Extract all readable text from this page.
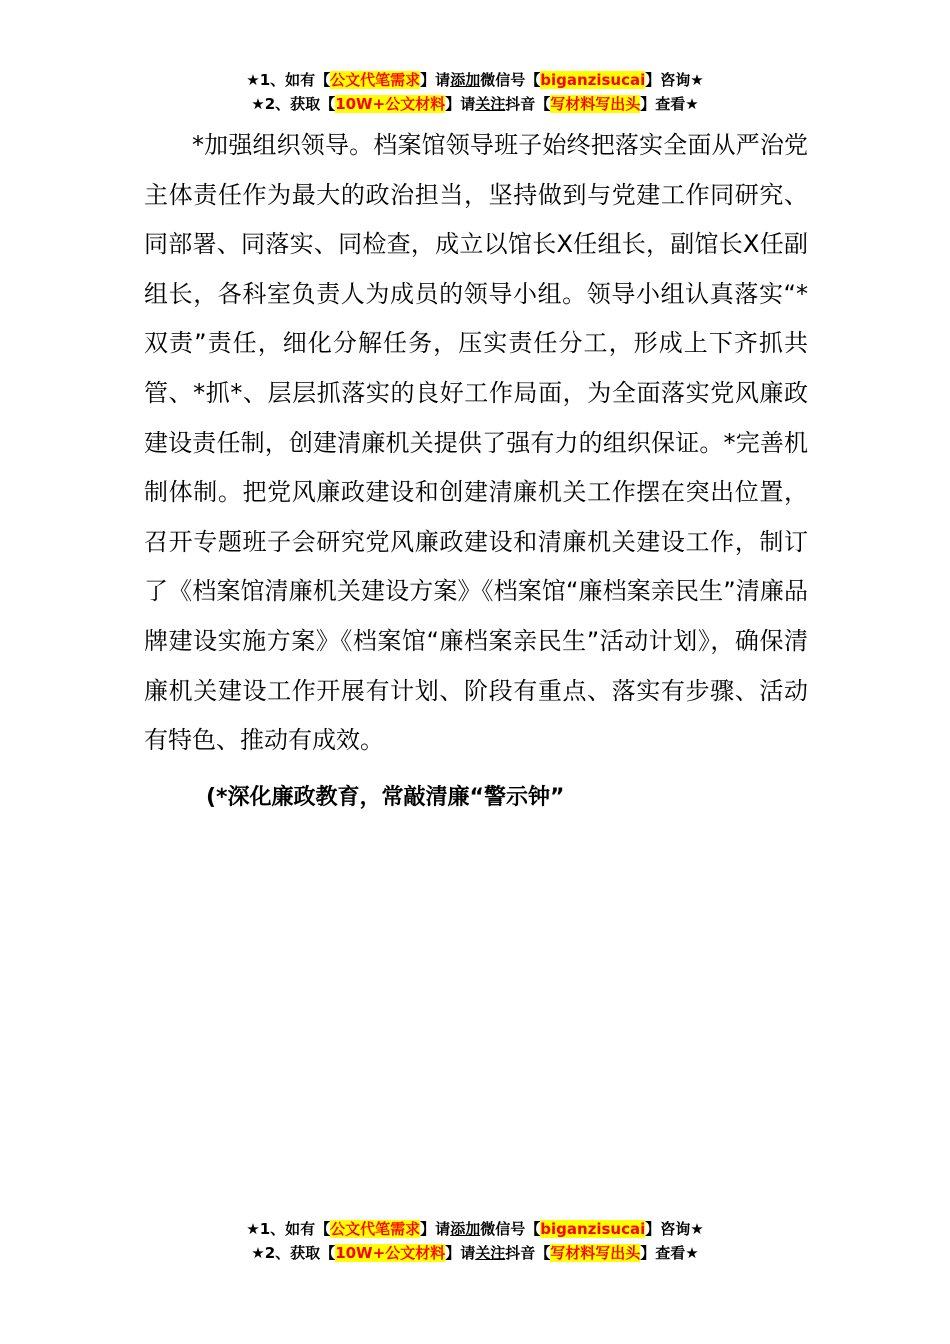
★1、如有【公文代笔需求】请添加微信号【biganzisucai】咨询★
★2、获取【10W+公文材料】请关注抖音【写材料写出头】查看★

*加强组织领导。档案馆领导班子始终把落实全面从严治党主体责任作为最大的政治担当，坚持做到与党建工作同研究、同部署、同落实、同检查，成立以馆长X任组长，副馆长X任副组长，各科室负责人为成员的领导小组。领导小组认真落实“*双责”责任，细化分解任务，压实责任分工，形成上下齐抓共管、*抓*、层层抓落实的良好工作局面，为全面落实党风廉政建设责任制，创建清廉机关提供了强有力的组织保证。*完善机制体制。把党风廉政建设和创建清廉机关工作摆在突出位置，召开专题班子会研究党风廉政建设和清廉机关建设工作，制订了《档案馆清廉机关建设方案》《档案馆“廉档案亲民生”清廉品牌建设实施方案》《档案馆“廉档案亲民生”活动计划》，确保清廉机关建设工作开展有计划、阶段有重点、落实有步骤、活动有特色、推动有成效。

(*深化廉政教育，常敲清廉“警示钟”

★1、如有【公文代笔需求】请添加微信号【biganzisucai】咨询★
★2、获取【10W+公文材料】请关注抖音【写材料写出头】查看★
